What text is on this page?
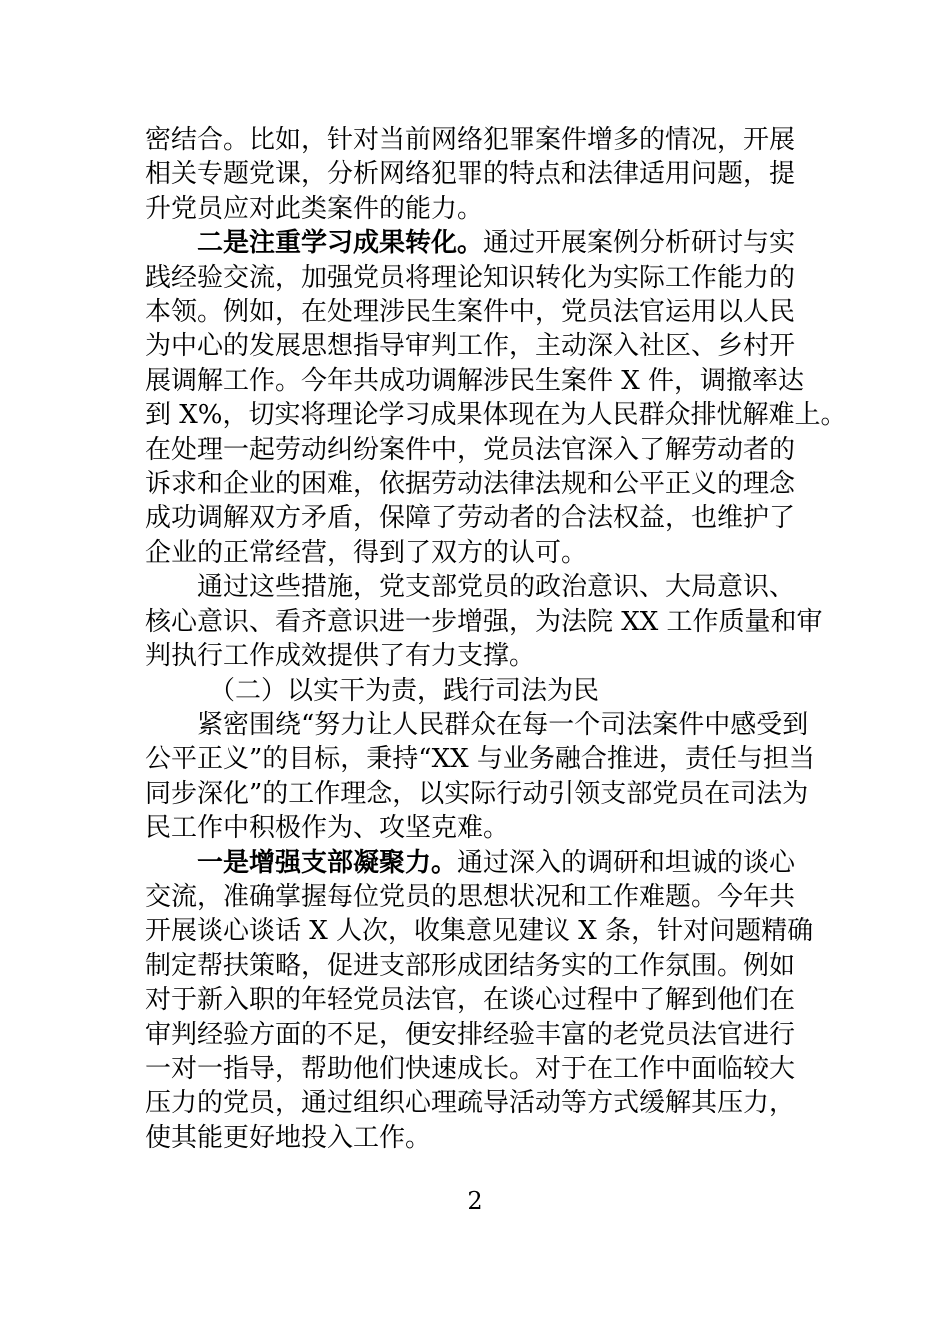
密结合。比如，针对当前网络犯罪案件增多的情况，开展
相关专题党课，分析网络犯罪的特点和法律适用问题，提
升党员应对此类案件的能力。
二是注重学习成果转化。通过开展案例分析研讨与实
践经验交流，加强党员将理论知识转化为实际工作能力的
本领。例如，在处理涉民生案件中，党员法官运用以人民
为中心的发展思想指导审判工作，主动深入社区、乡村开
展调解工作。今年共成功调解涉民生案件 X 件，调撤率达
到 X%，切实将理论学习成果体现在为人民群众排忧解难上。
在处理一起劳动纠纷案件中，党员法官深入了解劳动者的
诉求和企业的困难，依据劳动法律法规和公平正义的理念
成功调解双方矛盾，保障了劳动者的合法权益，也维护了
企业的正常经营，得到了双方的认可。
通过这些措施，党支部党员的政治意识、大局意识、
核心意识、看齐意识进一步增强，为法院 XX 工作质量和审
判执行工作成效提供了有力支撑。
（二）以实干为责，践行司法为民
紧密围绕“努力让人民群众在每一个司法案件中感受到
公平正义”的目标，秉持“XX 与业务融合推进，责任与担当
同步深化”的工作理念，以实际行动引领支部党员在司法为
民工作中积极作为、攻坚克难。
一是增强支部凝聚力。通过深入的调研和坦诚的谈心
交流，准确掌握每位党员的思想状况和工作难题。今年共
开展谈心谈话 X 人次，收集意见建议 X 条，针对问题精确
制定帮扶策略，促进支部形成团结务实的工作氛围。例如
对于新入职的年轻党员法官，在谈心过程中了解到他们在
审判经验方面的不足，便安排经验丰富的老党员法官进行
一对一指导，帮助他们快速成长。对于在工作中面临较大
压力的党员，通过组织心理疏导活动等方式缓解其压力，
使其能更好地投入工作。
2
